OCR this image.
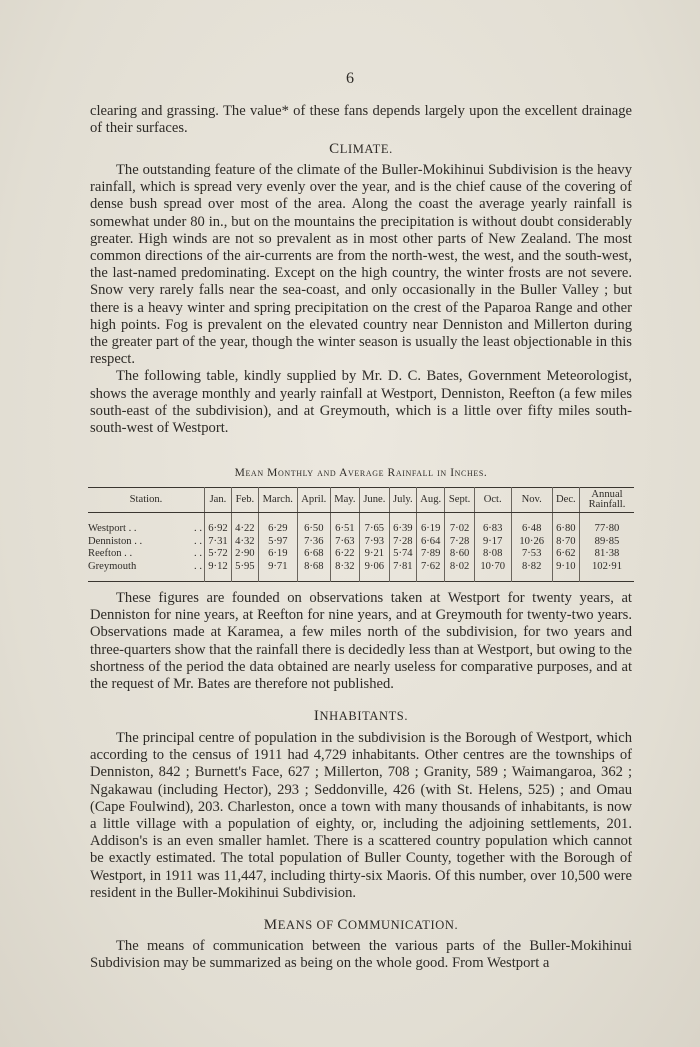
6

clearing and grassing. The value* of these fans depends largely upon the excellent drainage of their surfaces.

CLIMATE.

The outstanding feature of the climate of the Buller-Mokihinui Subdivision is the heavy rainfall, which is spread very evenly over the year, and is the chief cause of the covering of dense bush spread over most of the area. Along the coast the average yearly rainfall is somewhat under 80 in., but on the mountains the precipitation is without doubt considerably greater. High winds are not so prevalent as in most other parts of New Zealand. The most common directions of the air-currents are from the north-west, the west, and the south-west, the last-named predominating. Except on the high country, the winter frosts are not severe. Snow very rarely falls near the sea-coast, and only occasionally in the Buller Valley ; but there is a heavy winter and spring precipitation on the crest of the Paparoa Range and other high points. Fog is prevalent on the elevated country near Denniston and Millerton during the greater part of the year, though the winter season is usually the least objectionable in this respect.

The following table, kindly supplied by Mr. D. C. Bates, Government Meteorologist, shows the average monthly and yearly rainfall at Westport, Denniston, Reefton (a few miles south-east of the subdivision), and at Greymouth, which is a little over fifty miles south-south-west of Westport.

Mean Monthly and Average Rainfall in Inches.
Station.	Jan.	Feb.	March.	April.	May.	June.	July.	Aug.	Sept.	Oct.	Nov.	Dec.	Annual Rainfall.

Westport . . . .	6·92	4·22	6·29	6·50	6·51	7·65	6·39	6·19	7·02	6·83	6·48	6·80	77·80
Denniston . . . .	7·31	4·32	5·97	7·36	7·63	7·93	7·28	6·64	7·28	9·17	10·26	8·70	89·85
Reefton . . . .	5·72	2·90	6·19	6·68	6·22	9·21	5·74	7·89	8·60	8·08	7·53	6·62	81·38
Greymouth . .	9·12	5·95	9·71	8·68	8·32	9·06	7·81	7·62	8·02	10·70	8·82	9·10	102·91

These figures are founded on observations taken at Westport for twenty years, at Denniston for nine years, at Reefton for nine years, and at Greymouth for twenty-two years. Observations made at Karamea, a few miles north of the subdivision, for two years and three-quarters show that the rainfall there is decidedly less than at Westport, but owing to the shortness of the period the data obtained are nearly useless for comparative purposes, and at the request of Mr. Bates are therefore not published.

INHABITANTS.

The principal centre of population in the subdivision is the Borough of Westport, which according to the census of 1911 had 4,729 inhabitants. Other centres are the townships of Denniston, 842 ; Burnett's Face, 627 ; Millerton, 708 ; Granity, 589 ; Waimangaroa, 362 ; Ngakawau (including Hector), 293 ; Seddonville, 426 (with St. Helens, 525) ; and Omau (Cape Foulwind), 203. Charleston, once a town with many thousands of inhabitants, is now a little village with a population of eighty, or, including the adjoining settlements, 201. Addison's is an even smaller hamlet. There is a scattered country population which cannot be exactly estimated. The total population of Buller County, together with the Borough of Westport, in 1911 was 11,447, including thirty-six Maoris. Of this number, over 10,500 were resident in the Buller-Mokihinui Subdivision.

MEANS OF COMMUNICATION.

The means of communication between the various parts of the Buller-Mokihinui Subdivision may be summarized as being on the whole good. From Westport a
